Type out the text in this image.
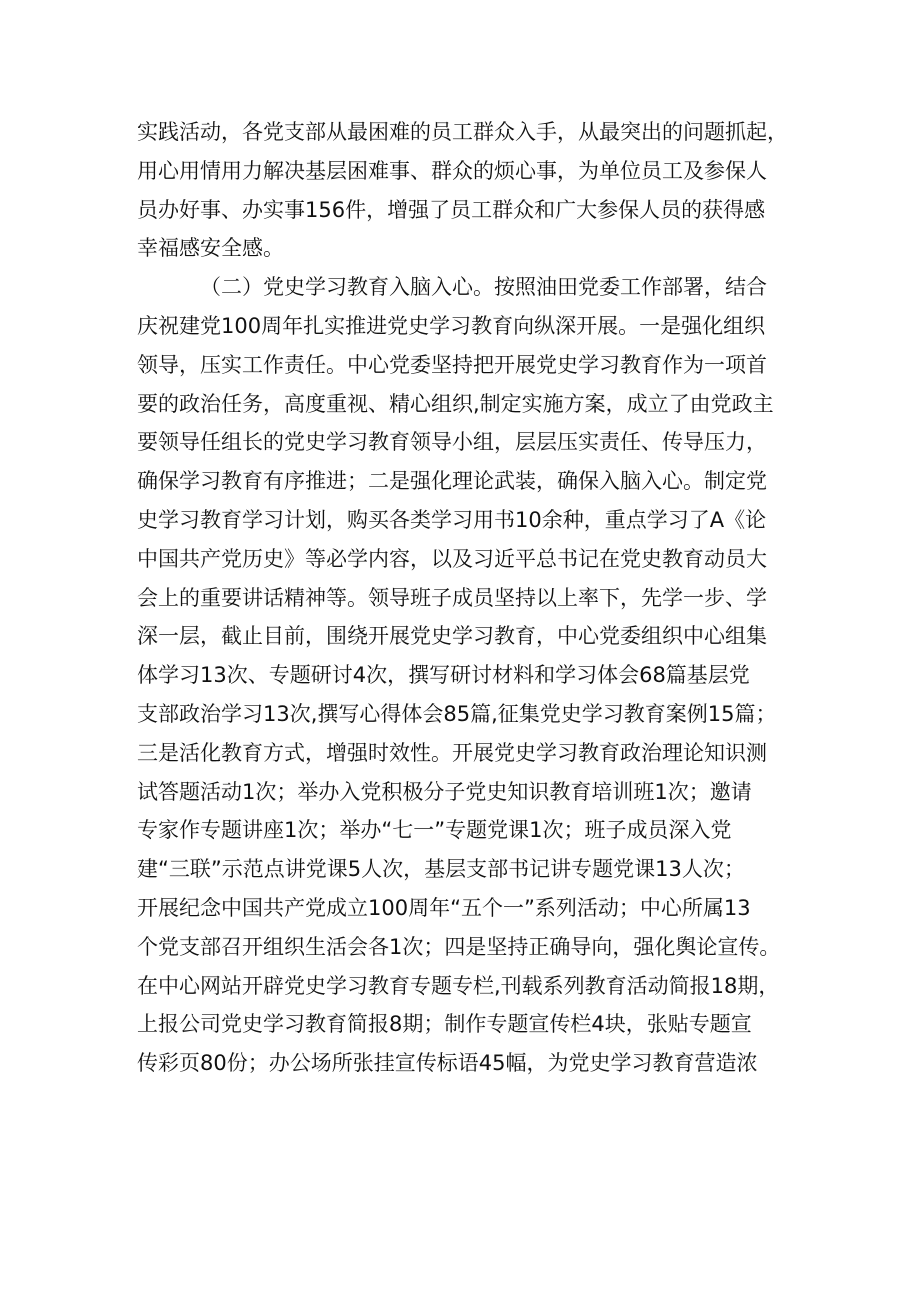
实践活动，各党支部从最困难的员工群众入手，从最突出的问题抓起，
用心用情用力解决基层困难事、群众的烦心事，为单位员工及参保人
员办好事、办实事156件，增强了员工群众和广大参保人员的获得感
幸福感安全感。
（二）党史学习教育入脑入心。按照油田党委工作部署，结合
庆祝建党100周年扎实推进党史学习教育向纵深开展。一是强化组织
领导，压实工作责任。中心党委坚持把开展党史学习教育作为一项首
要的政治任务，高度重视、精心组织,制定实施方案，成立了由党政主
要领导任组长的党史学习教育领导小组，层层压实责任、传导压力，
确保学习教育有序推进；二是强化理论武装，确保入脑入心。制定党
史学习教育学习计划，购买各类学习用书10余种，重点学习了A《论
中国共产党历史》等必学内容，以及习近平总书记在党史教育动员大
会上的重要讲话精神等。领导班子成员坚持以上率下，先学一步、学
深一层，截止目前，围绕开展党史学习教育，中心党委组织中心组集
体学习13次、专题研讨4次，撰写研讨材料和学习体会68篇基层党
支部政治学习13次,撰写心得体会85篇,征集党史学习教育案例15篇；
三是活化教育方式，增强时效性。开展党史学习教育政治理论知识测
试答题活动1次；举办入党积极分子党史知识教育培训班1次；邀请
专家作专题讲座1次；举办“七一”专题党课1次；班子成员深入党
建“三联”示范点讲党课5人次，基层支部书记讲专题党课13人次；
开展纪念中国共产党成立100周年“五个一”系列活动；中心所属13
个党支部召开组织生活会各1次；四是坚持正确导向，强化舆论宣传。
在中心网站开辟党史学习教育专题专栏,刊载系列教育活动简报18期，
上报公司党史学习教育简报8期；制作专题宣传栏4块，张贴专题宣
传彩页80份；办公场所张挂宣传标语45幅，为党史学习教育营造浓
